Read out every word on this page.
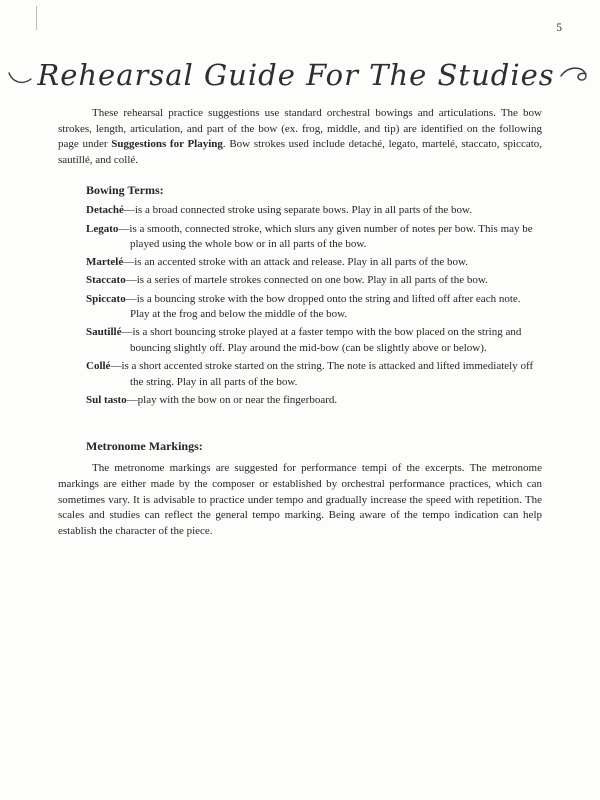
5
Rehearsal Guide For The Studies

These rehearsal practice suggestions use standard orchestral bowings and articulations. The bow strokes, length, articulation, and part of the bow (ex. frog, middle, and tip) are identified on the following page under Suggestions for Playing. Bow strokes used include detaché, legato, martelé, staccato, spiccato, sautillé, and collé.

Bowing Terms:

Detaché—is a broad connected stroke using separate bows. Play in all parts of the bow.

Legato—is a smooth, connected stroke, which slurs any given number of notes per bow. This may be played using the whole bow or in all parts of the bow.

Martelé—is an accented stroke with an attack and release. Play in all parts of the bow.

Staccato—is a series of martele strokes connected on one bow. Play in all parts of the bow.

Spiccato—is a bouncing stroke with the bow dropped onto the string and lifted off after each note. Play at the frog and below the middle of the bow.

Sautillé—is a short bouncing stroke played at a faster tempo with the bow placed on the string and bouncing slightly off. Play around the mid-bow (can be slightly above or below).

Collé—is a short accented stroke started on the string. The note is attacked and lifted immediately off the string. Play in all parts of the bow.

Sul tasto—play with the bow on or near the fingerboard.

Metronome Markings:

The metronome markings are suggested for performance tempi of the excerpts. The metronome markings are either made by the composer or established by orchestral performance practices, which can sometimes vary. It is advisable to practice under tempo and gradually increase the speed with repetition. The scales and studies can reflect the general tempo marking. Being aware of the tempo indication can help establish the character of the piece.
